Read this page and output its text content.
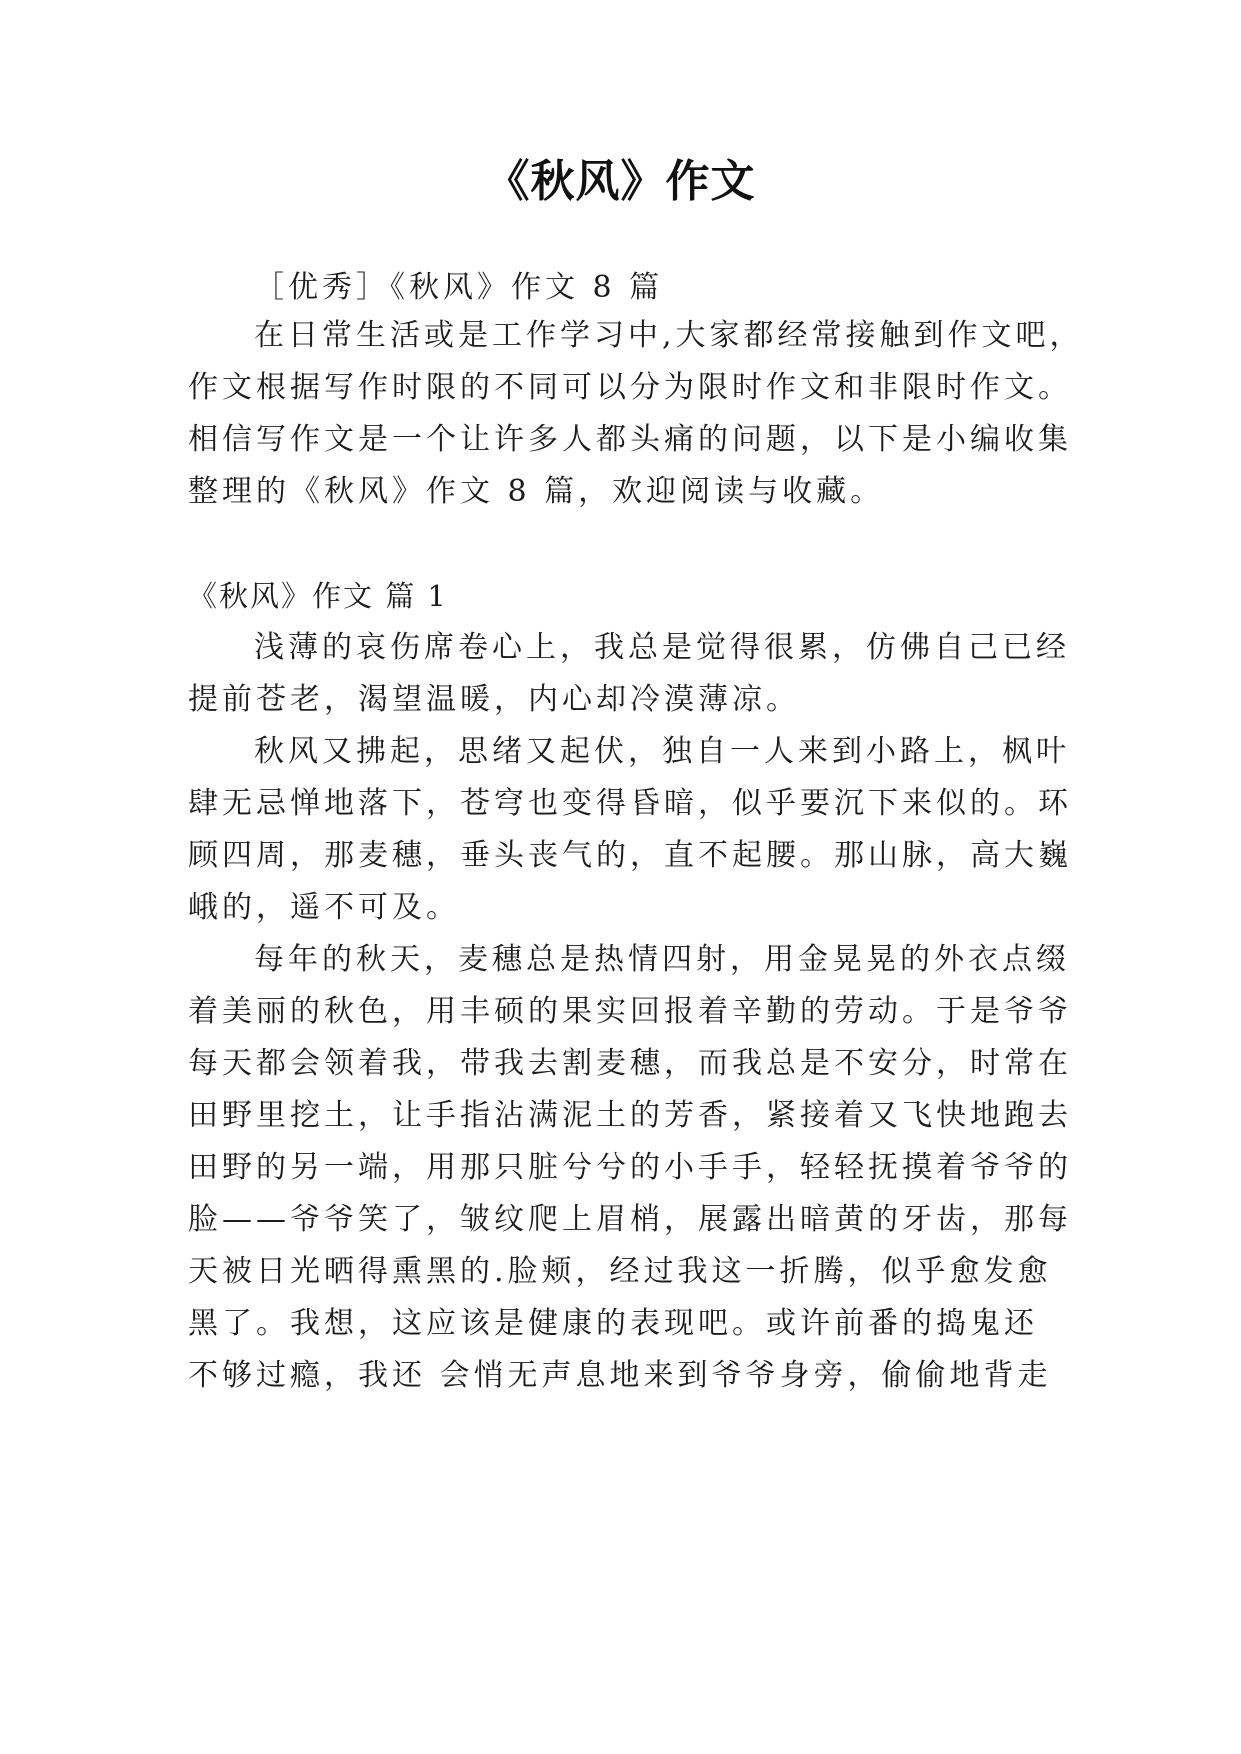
《秋风》作文
［优秀］《秋风》作文 8 篇
在日常生活或是工作学习中,大家都经常接触到作文吧，
作文根据写作时限的不同可以分为限时作文和非限时作文。
相信写作文是一个让许多人都头痛的问题，以下是小编收集
整理的《秋风》作文 8 篇，欢迎阅读与收藏。
《秋风》作文 篇 1
浅薄的哀伤席卷心上，我总是觉得很累，仿佛自己已经
提前苍老，渴望温暖，内心却冷漠薄凉。
秋风又拂起，思绪又起伏，独自一人来到小路上，枫叶
肆无忌惮地落下，苍穹也变得昏暗，似乎要沉下来似的。环
顾四周，那麦穗，垂头丧气的，直不起腰。那山脉，高大巍
峨的，遥不可及。
每年的秋天，麦穗总是热情四射，用金晃晃的外衣点缀
着美丽的秋色，用丰硕的果实回报着辛勤的劳动。于是爷爷
每天都会领着我，带我去割麦穗，而我总是不安分，时常在
田野里挖土，让手指沾满泥土的芳香，紧接着又飞快地跑去
田野的另一端，用那只脏兮兮的小手手，轻轻抚摸着爷爷的
脸——爷爷笑了，皱纹爬上眉梢，展露出暗黄的牙齿，那每
天被日光晒得熏黑的.脸颊，经过我这一折腾，似乎愈发愈
黑了。我想，这应该是健康的表现吧。或许前番的捣鬼还
不够过瘾，我还 会悄无声息地来到爷爷身旁，偷偷地背走
